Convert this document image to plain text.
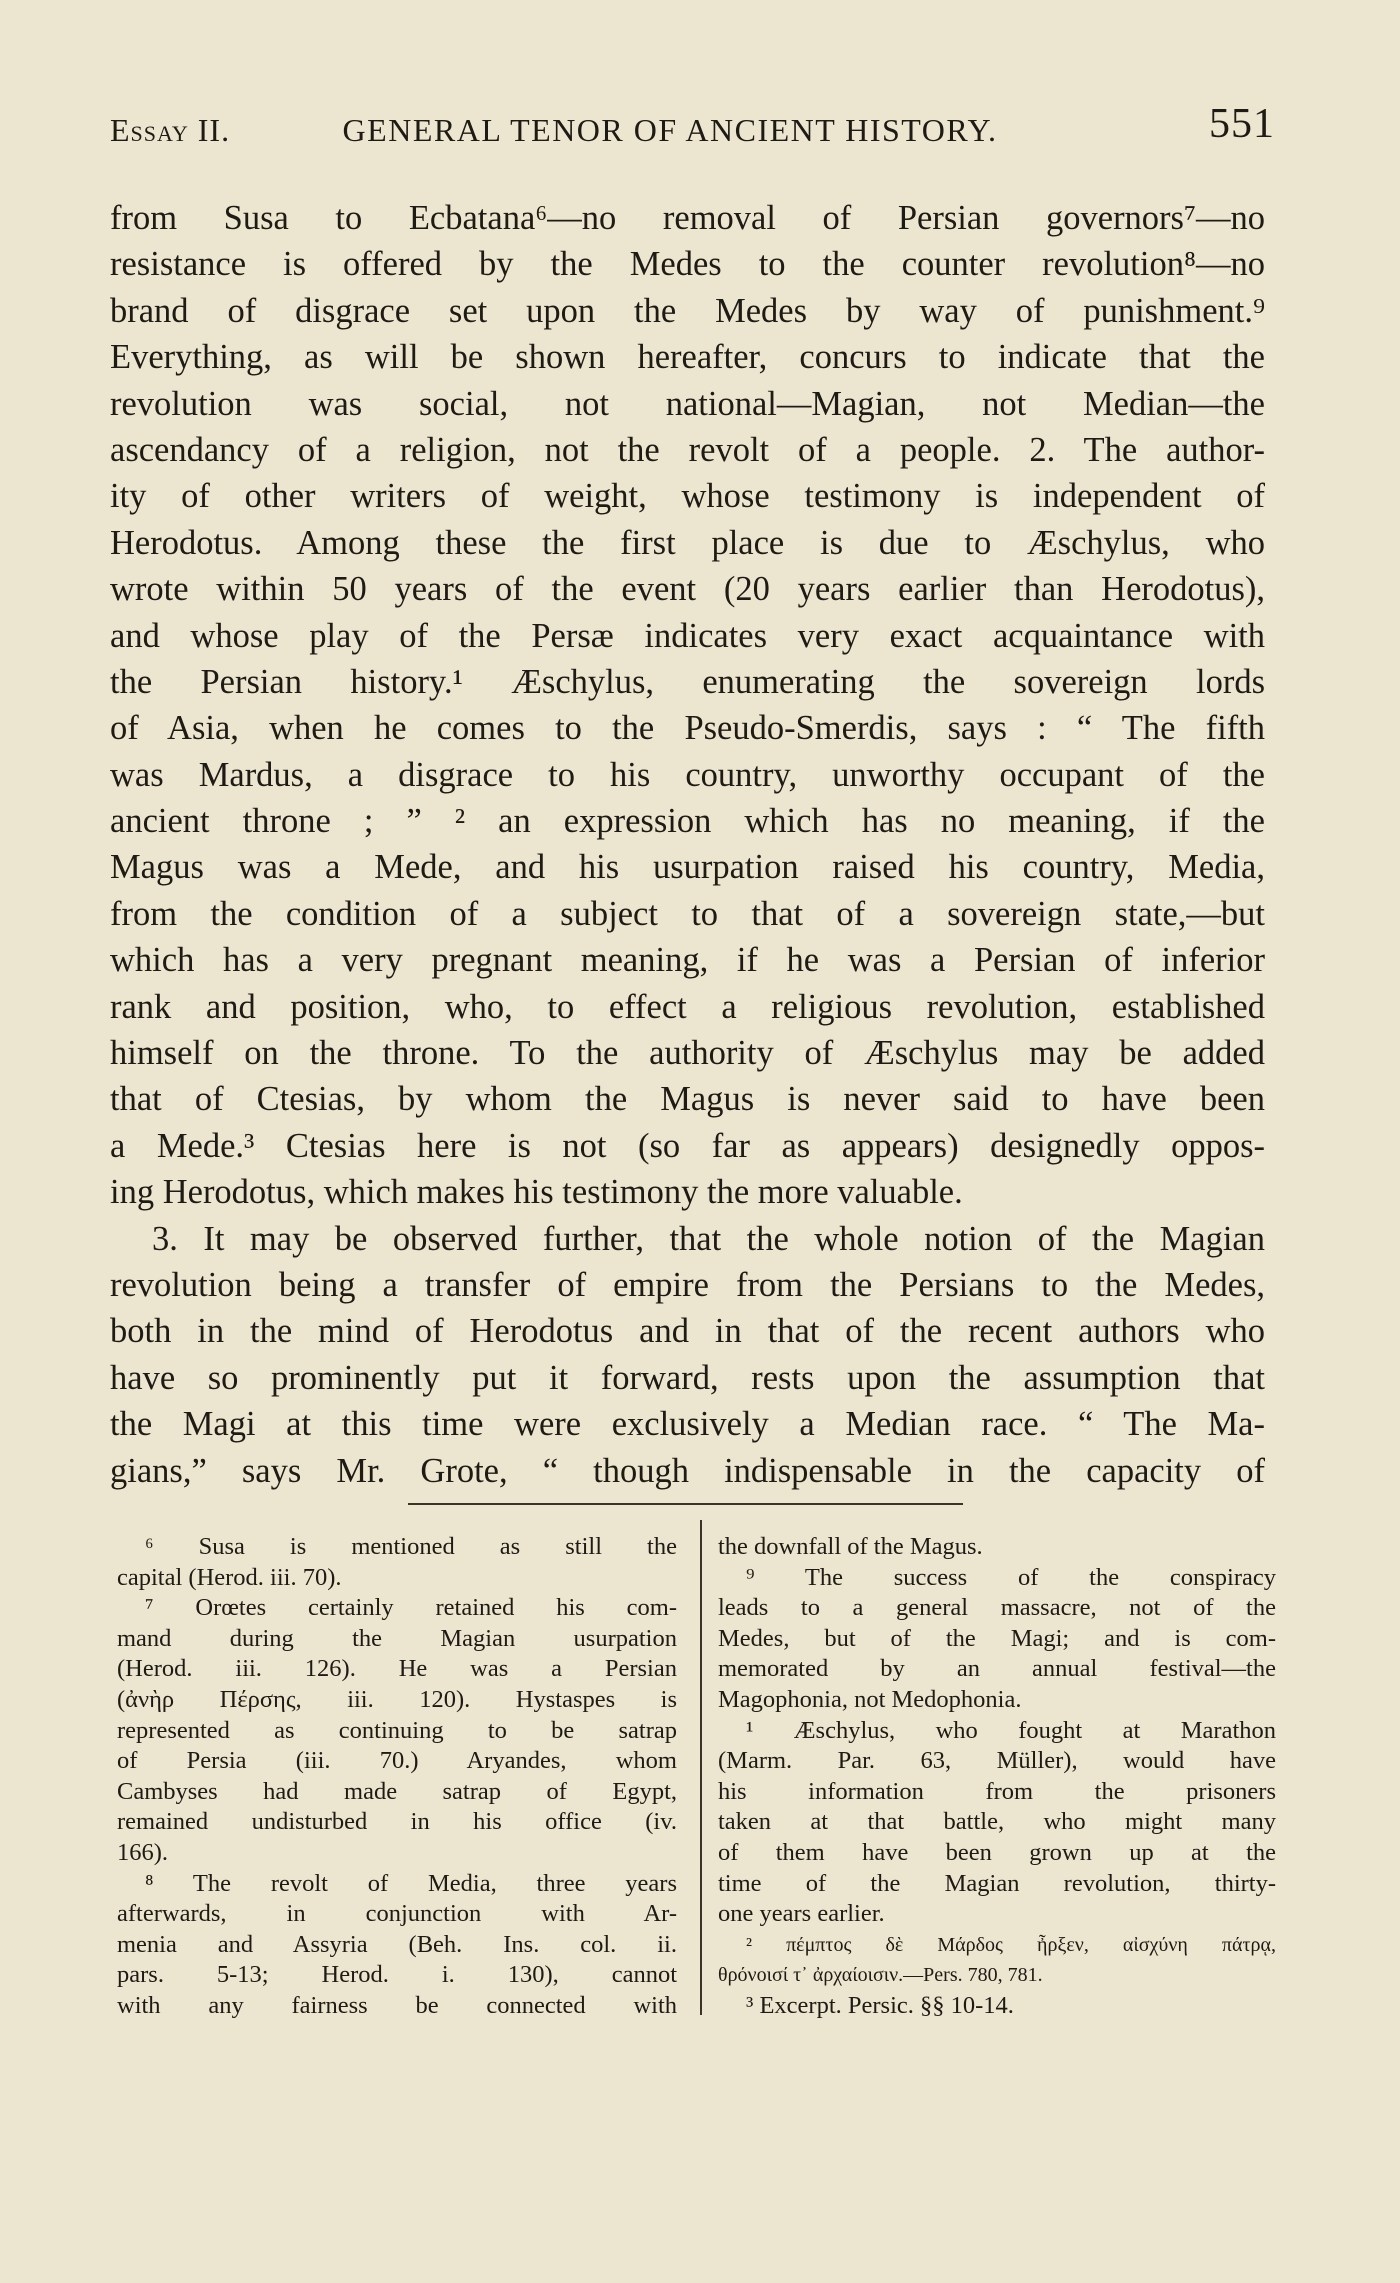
Essay II.	GENERAL TENOR OF ANCIENT HISTORY.	551
from Susa to Ecbatana⁶—no removal of Persian governors⁷—no
resistance is offered by the Medes to the counter revolution⁸—no
brand of disgrace set upon the Medes by way of punishment.⁹
Everything, as will be shown hereafter, concurs to indicate that the
revolution was social, not national—Magian, not Median—the
ascendancy of a religion, not the revolt of a people. 2. The author-
ity of other writers of weight, whose testimony is independent of
Herodotus. Among these the first place is due to Æschylus, who
wrote within 50 years of the event (20 years earlier than Herodotus),
and whose play of the Persæ indicates very exact acquaintance with
the Persian history.¹ Æschylus, enumerating the sovereign lords
of Asia, when he comes to the Pseudo-Smerdis, says : “ The fifth
was Mardus, a disgrace to his country, unworthy occupant of the
ancient throne ; ” ² an expression which has no meaning, if the
Magus was a Mede, and his usurpation raised his country, Media,
from the condition of a subject to that of a sovereign state,—but
which has a very pregnant meaning, if he was a Persian of inferior
rank and position, who, to effect a religious revolution, established
himself on the throne. To the authority of Æschylus may be added
that of Ctesias, by whom the Magus is never said to have been
a Mede.³ Ctesias here is not (so far as appears) designedly oppos-
ing Herodotus, which makes his testimony the more valuable.
3. It may be observed further, that the whole notion of the Magian
revolution being a transfer of empire from the Persians to the Medes,
both in the mind of Herodotus and in that of the recent authors who
have so prominently put it forward, rests upon the assumption that
the Magi at this time were exclusively a Median race. “ The Ma-
gians,” says Mr. Grote, “ though indispensable in the capacity of
⁶ Susa is mentioned as still the
capital (Herod. iii. 70).
⁷ Orœtes certainly retained his com-
mand during the Magian usurpation
(Herod. iii. 126). He was a Persian
(ἀνὴρ Πέρσης, iii. 120). Hystaspes is
represented as continuing to be satrap
of Persia (iii. 70.) Aryandes, whom
Cambyses had made satrap of Egypt,
remained undisturbed in his office (iv.
166).
⁸ The revolt of Media, three years
afterwards, in conjunction with Ar-
menia and Assyria (Beh. Ins. col. ii.
pars. 5-13; Herod. i. 130), cannot
with any fairness be connected with
the downfall of the Magus.
⁹ The success of the conspiracy
leads to a general massacre, not of the
Medes, but of the Magi; and is com-
memorated by an annual festival—the
Magophonia, not Medophonia.
¹ Æschylus, who fought at Marathon
(Marm. Par. 63, Müller), would have
his information from the prisoners
taken at that battle, who might many
of them have been grown up at the
time of the Magian revolution, thirty-
one years earlier.
² πέμπτος δὲ Μάρδος ἦρξεν, αἰσχύνη πάτρᾳ,
θρόνοισί τ᾽ ἀρχαίοισιν.—Pers. 780, 781.
³ Excerpt. Persic. §§ 10-14.
